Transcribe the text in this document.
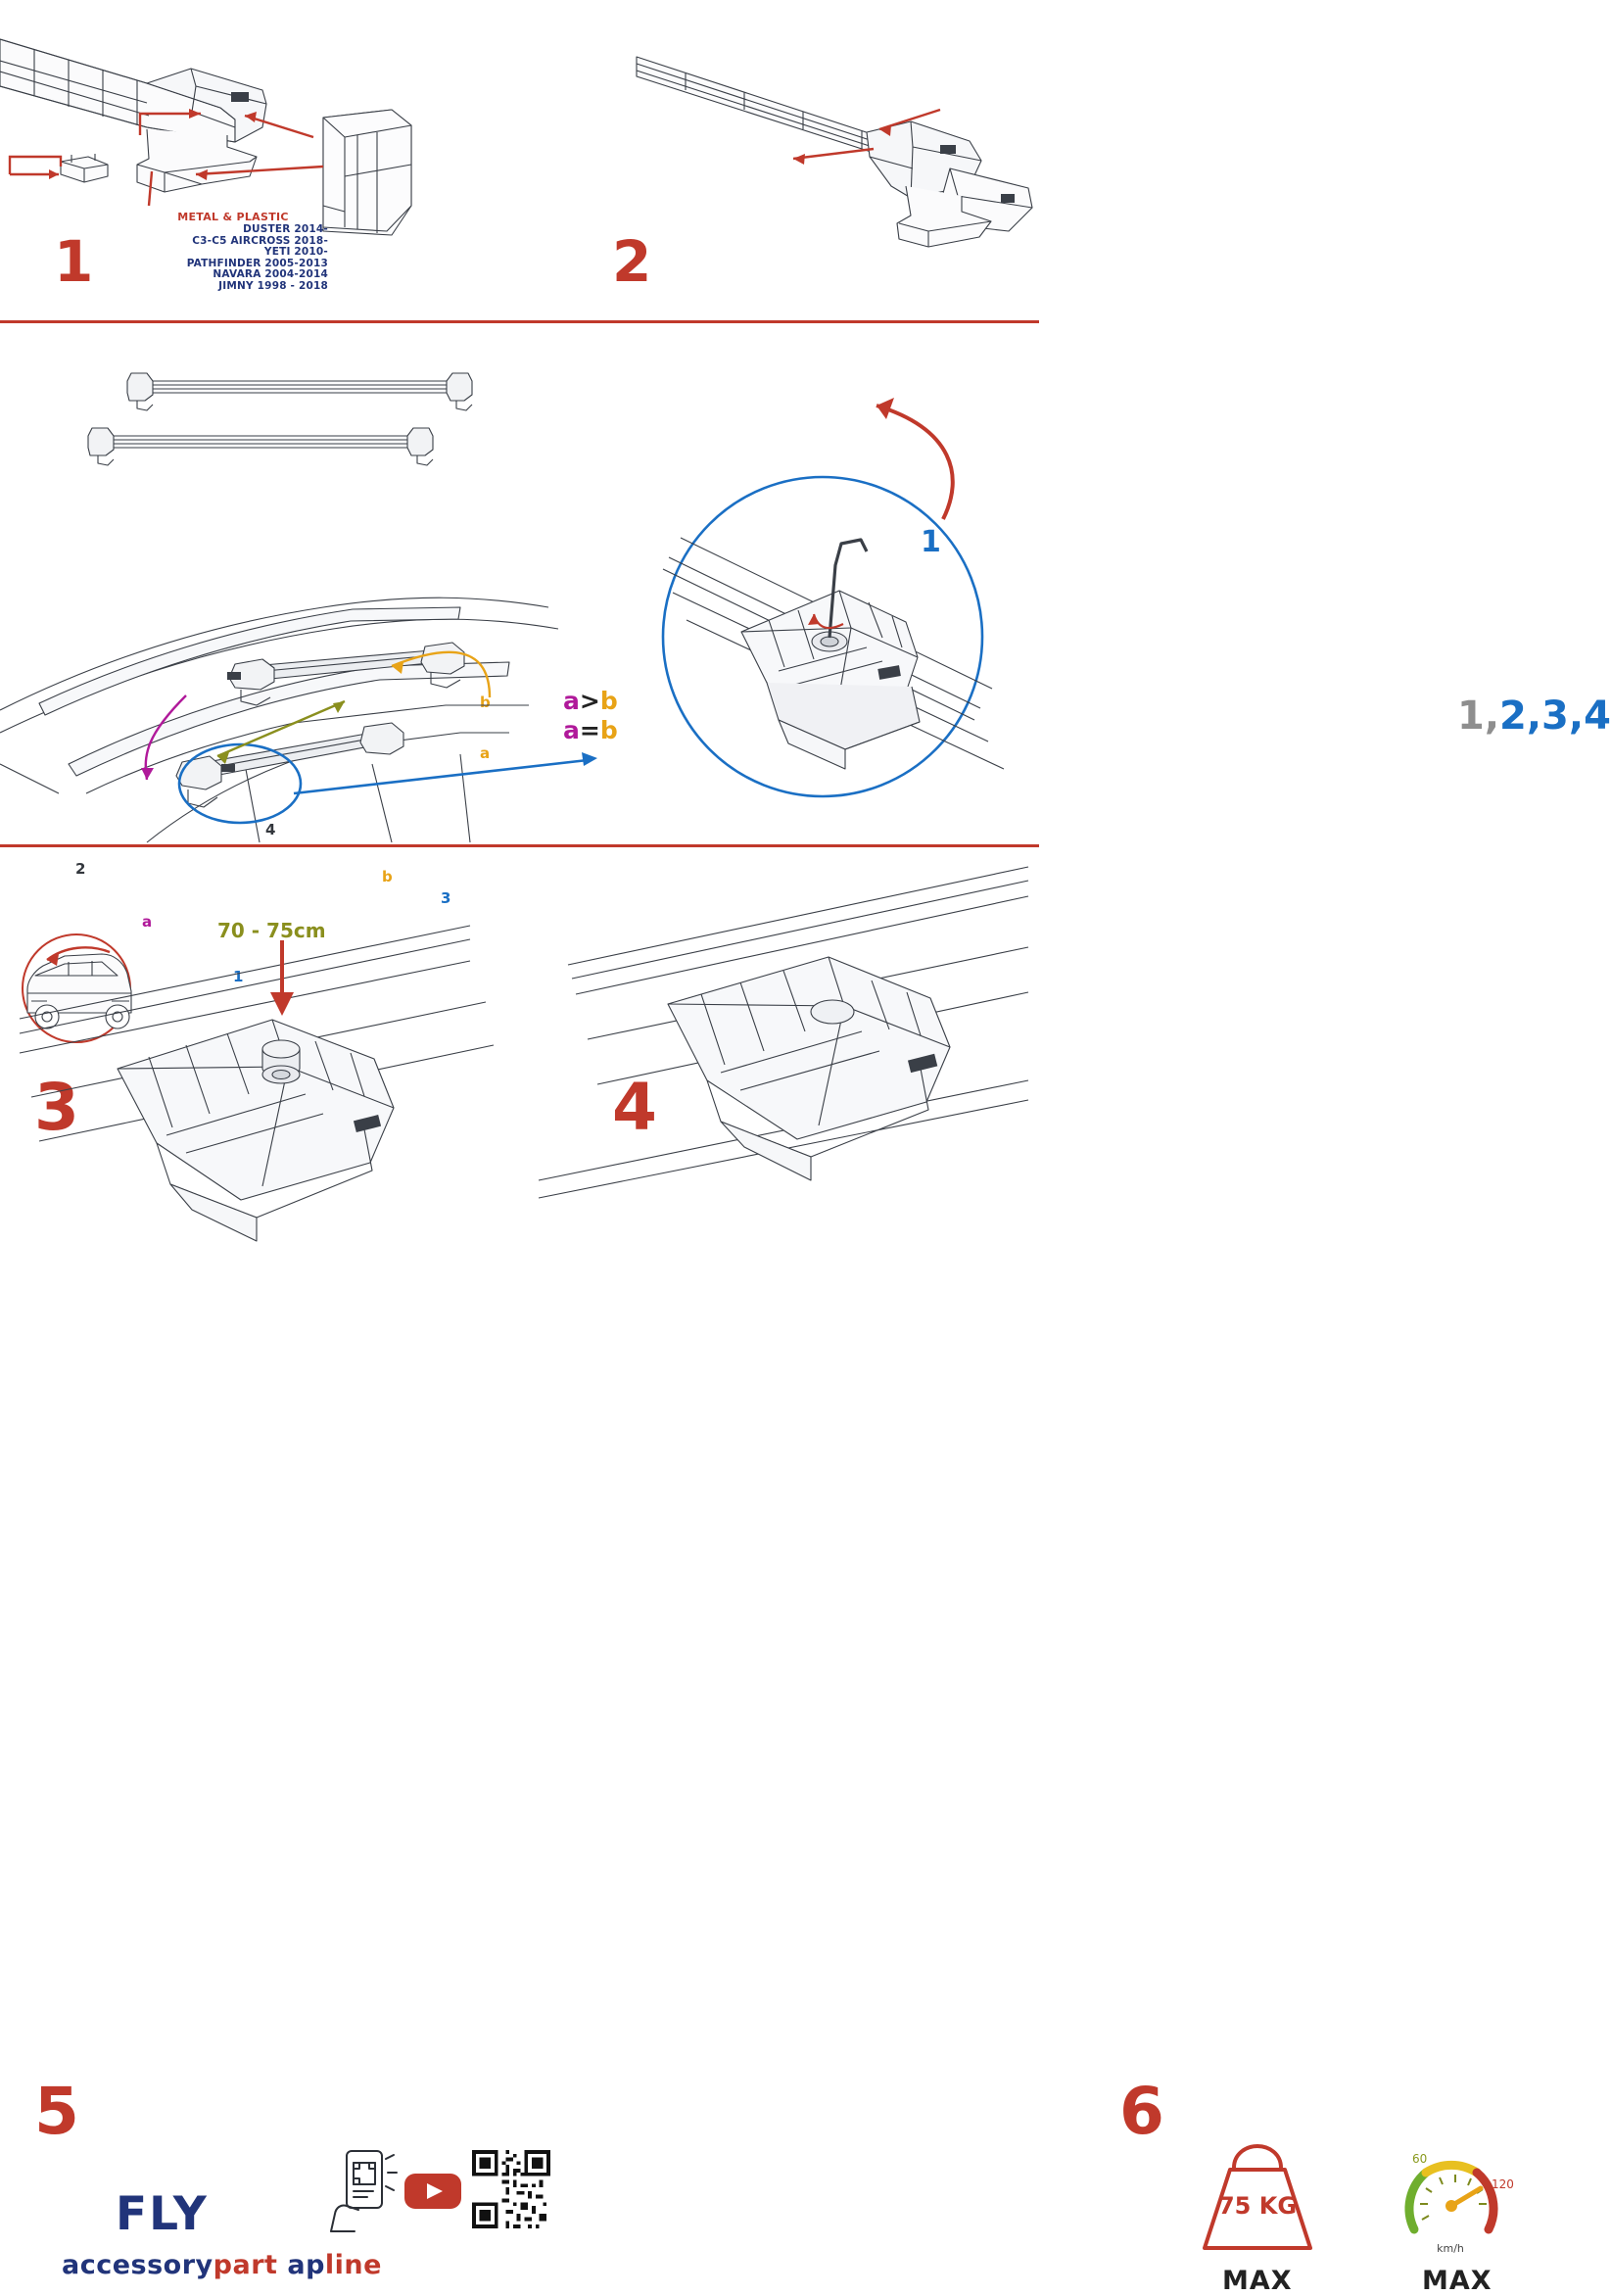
METAL & PLASTIC
DUSTER 2014-
C3-C5 AIRCROSS 2018-
YETI 2010-
PATHFINDER 2005-2013
NAVARA 2004-2014
JIMNY 1998 - 2018
1	2
b
a
a>b
a=b
1
2
3
4
b
a	70 - 75cm
3
1,2,3,4
1
4
5
FLY
accessorypart apline
6
75 KG
MAX
60
120
km/h
MAX
